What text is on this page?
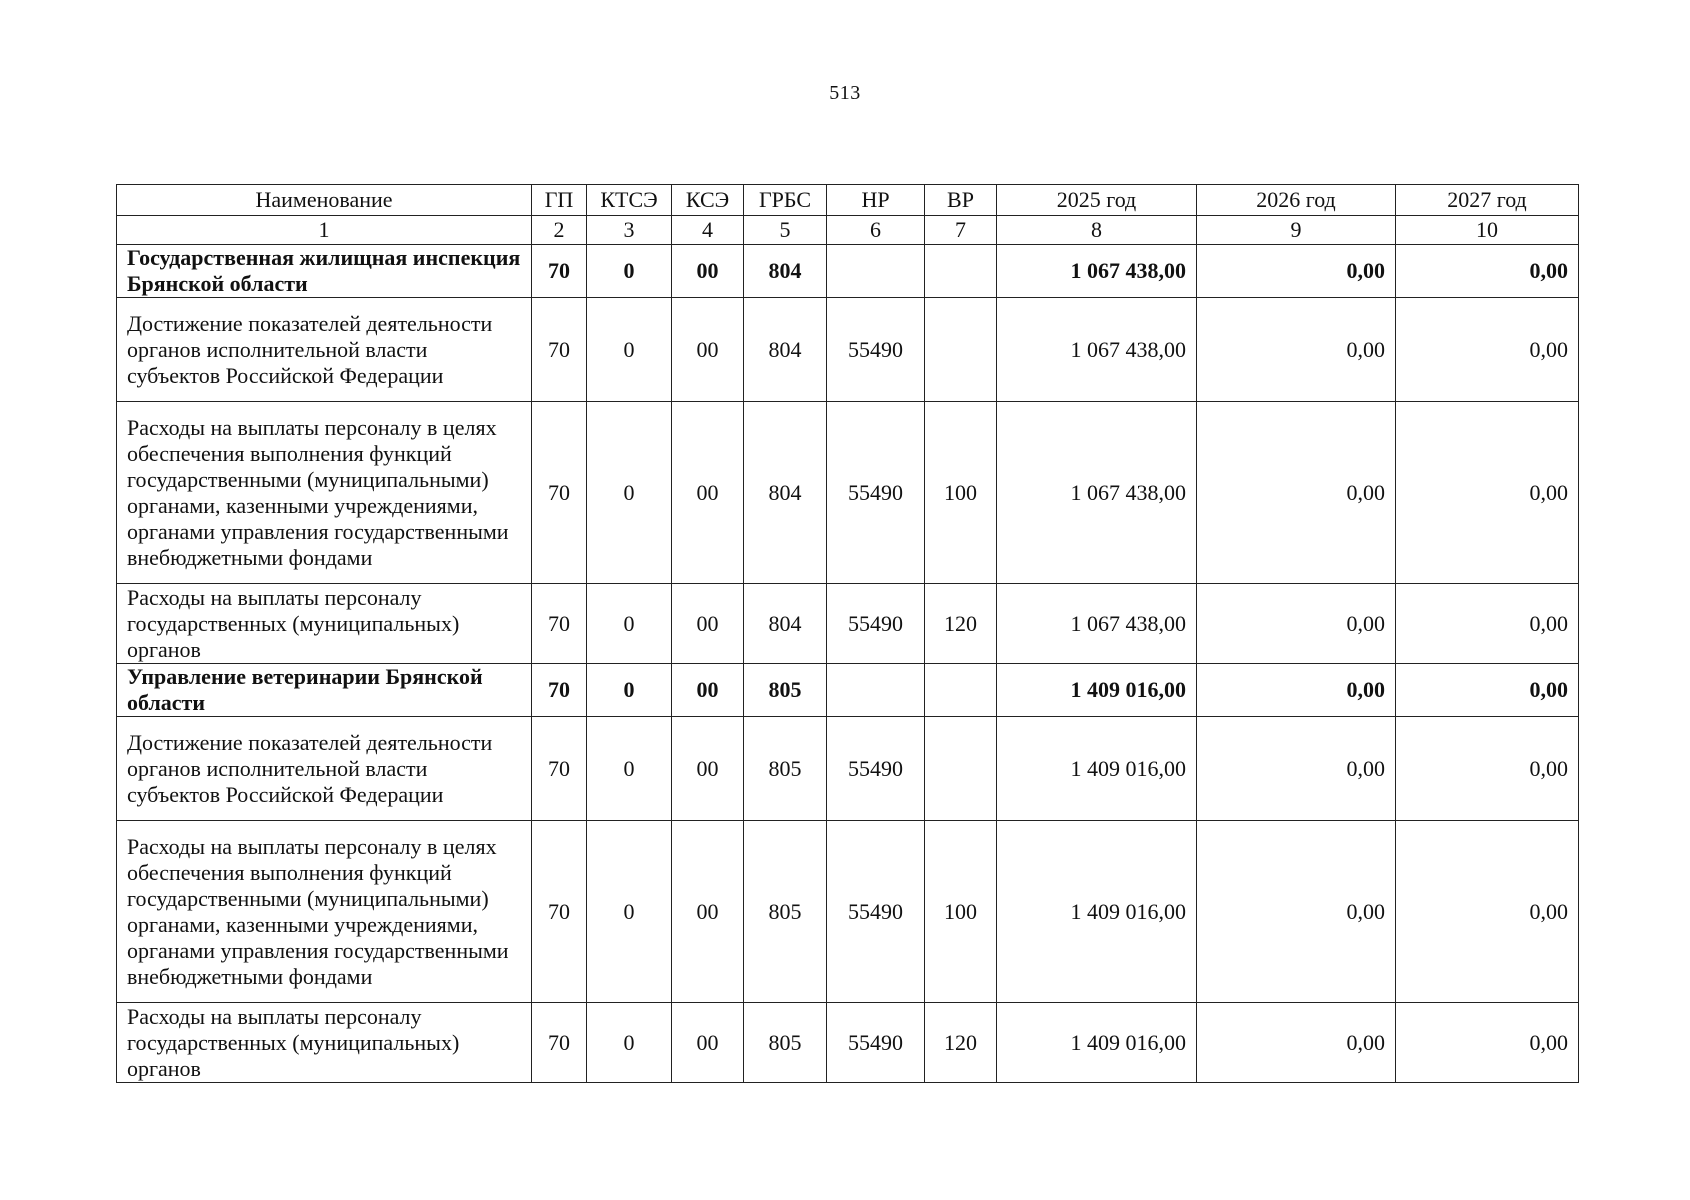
513
Наименование	ГП	КТСЭ	КСЭ	ГРБС	НР	ВР	2025 год	2026 год	2027 год
1	2	3	4	5	6	7	8	9	10
Государственная жилищная инспекция Брянской области	70	0	00	804			1 067 438,00	0,00	0,00
Достижение показателей деятельности органов исполнительной власти субъектов Российской Федерации	70	0	00	804	55490		1 067 438,00	0,00	0,00
Расходы на выплаты персоналу в целях обеспечения выполнения функций государственными (муниципальными) органами, казенными учреждениями, органами управления государственными внебюджетными фондами	70	0	00	804	55490	100	1 067 438,00	0,00	0,00
Расходы на выплаты персоналу государственных (муниципальных) органов	70	0	00	804	55490	120	1 067 438,00	0,00	0,00
Управление ветеринарии Брянской области	70	0	00	805			1 409 016,00	0,00	0,00
Достижение показателей деятельности органов исполнительной власти субъектов Российской Федерации	70	0	00	805	55490		1 409 016,00	0,00	0,00
Расходы на выплаты персоналу в целях обеспечения выполнения функций государственными (муниципальными) органами, казенными учреждениями, органами управления государственными внебюджетными фондами	70	0	00	805	55490	100	1 409 016,00	0,00	0,00
Расходы на выплаты персоналу государственных (муниципальных) органов	70	0	00	805	55490	120	1 409 016,00	0,00	0,00
